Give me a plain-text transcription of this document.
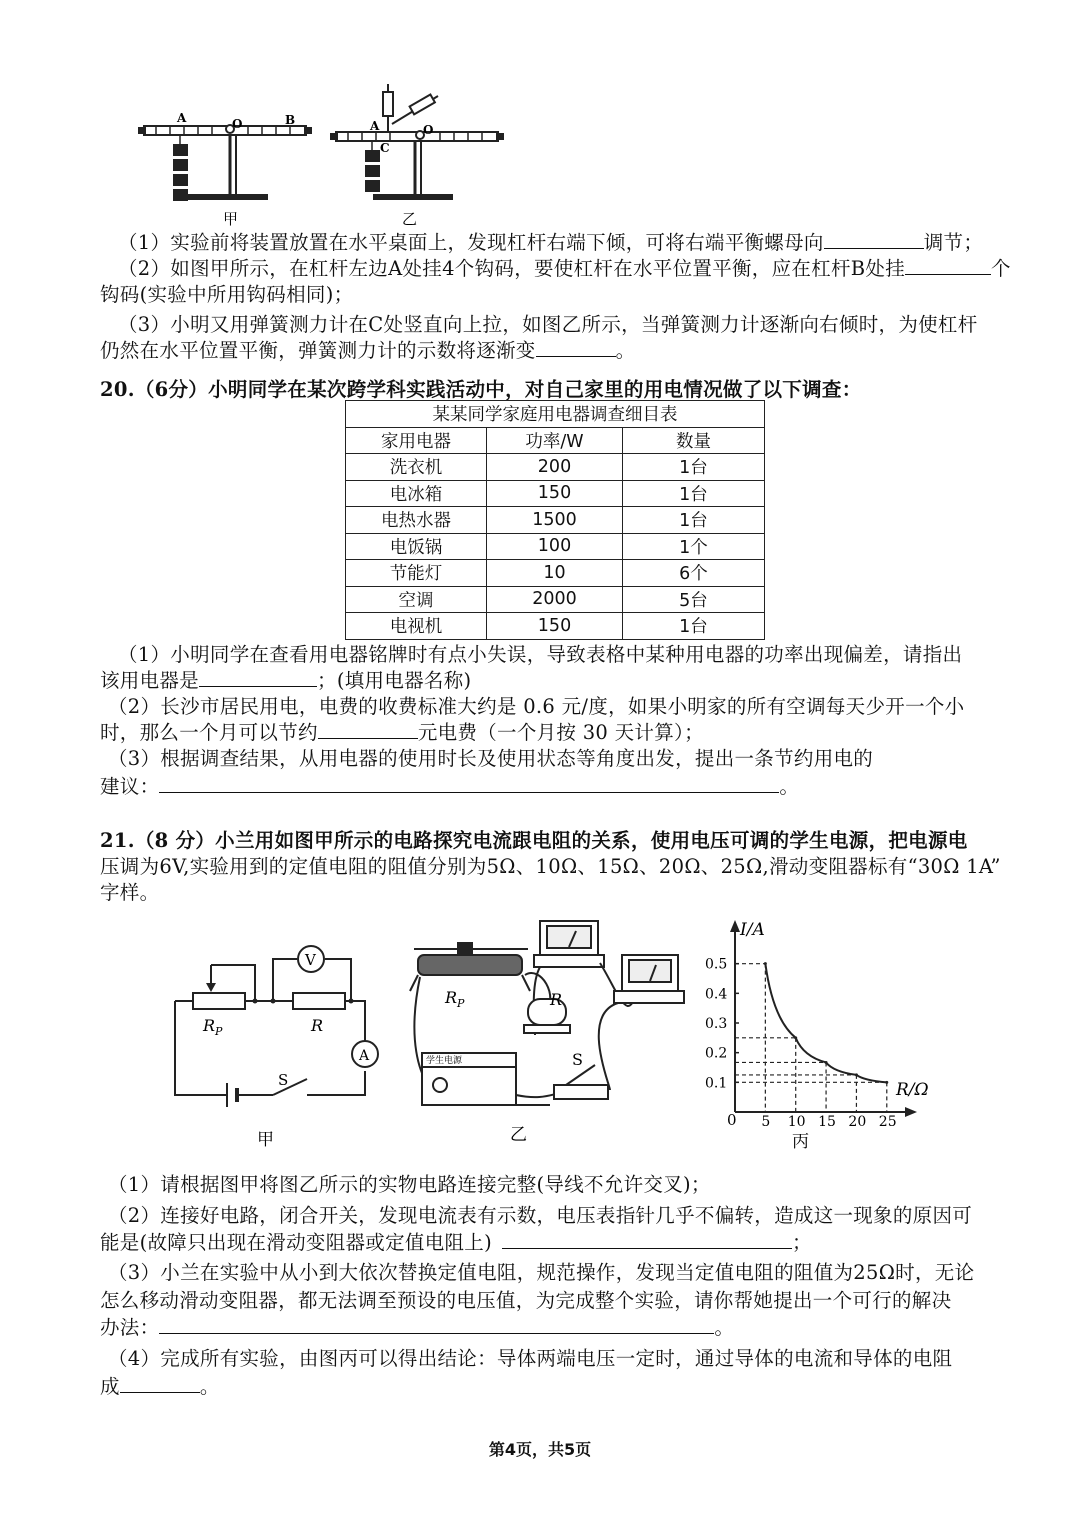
A	O	B
甲
A	O
C
乙
（1）实验前将装置放置在水平桌面上，发现杠杆右端下倾，可将右端平衡螺母向	调节；
（2）如图甲所示，在杠杆左边A处挂4个钩码，要使杠杆在水平位置平衡，应在杠杆B处挂	个
钩码(实验中所用钩码相同)；
（3）小明又用弹簧测力计在C处竖直向上拉，如图乙所示，当弹簧测力计逐渐向右倾时，为使杠杆
仍然在水平位置平衡，弹簧测力计的示数将逐渐变	。
20.（6分）小明同学在某次跨学科实践活动中，对自己家里的用电情况做了以下调查：
某某同学家庭用电器调查细目表		
家用电器	功率/W	数量
洗衣机	200	1台
电冰箱	150	1台
电热水器	1500	1台
电饭锅	100	1个
节能灯	10	6个
空调	2000	5台
电视机	150	1台
（1）小明同学在查看用电器铭牌时有点小失误，导致表格中某种用电器的功率出现偏差，请指出
该用电器是	；(填用电器名称)
（2）长沙市居民用电，电费的收费标准大约是 0.6 元/度，如果小明家的所有空调每天少开一个小
时，那么一个月可以节约	元电费（一个月按 30 天计算）；
（3）根据调查结果，从用电器的使用时长及使用状态等角度出发，提出一条节约用电的
建议：	。
21.（8 分）小兰用如图甲所示的电路探究电流跟电阻的关系，使用电压可调的学生电源，把电源电
压调为6V,实验用到的定值电阻的阻值分别为5Ω、10Ω、15Ω、20Ω、25Ω,滑动变阻器标有“30Ω 1A”
字样。
$R_P$	R
V
A
S
甲
$R_P$	R
S
学生电源
乙
0.1
0.2
0.3
0.4
0.5
5 10 15 20 25
I/A
R/Ω
0
丙
（1）请根据图甲将图乙所示的实物电路连接完整(导线不允许交叉)；
（2）连接好电路，闭合开关，发现电流表有示数，电压表指针几乎不偏转，造成这一现象的原因可
能是(故障只出现在滑动变阻器或定值电阻上)	；
（3）小兰在实验中从小到大依次替换定值电阻，规范操作，发现当定值电阻的阻值为25Ω时，无论
怎么移动滑动变阻器，都无法调至预设的电压值，为完成整个实验，请你帮她提出一个可行的解决
办法：	。
（4）完成所有实验，由图丙可以得出结论：导体两端电压一定时，通过导体的电流和导体的电阻
成	。
第4页，共5页
